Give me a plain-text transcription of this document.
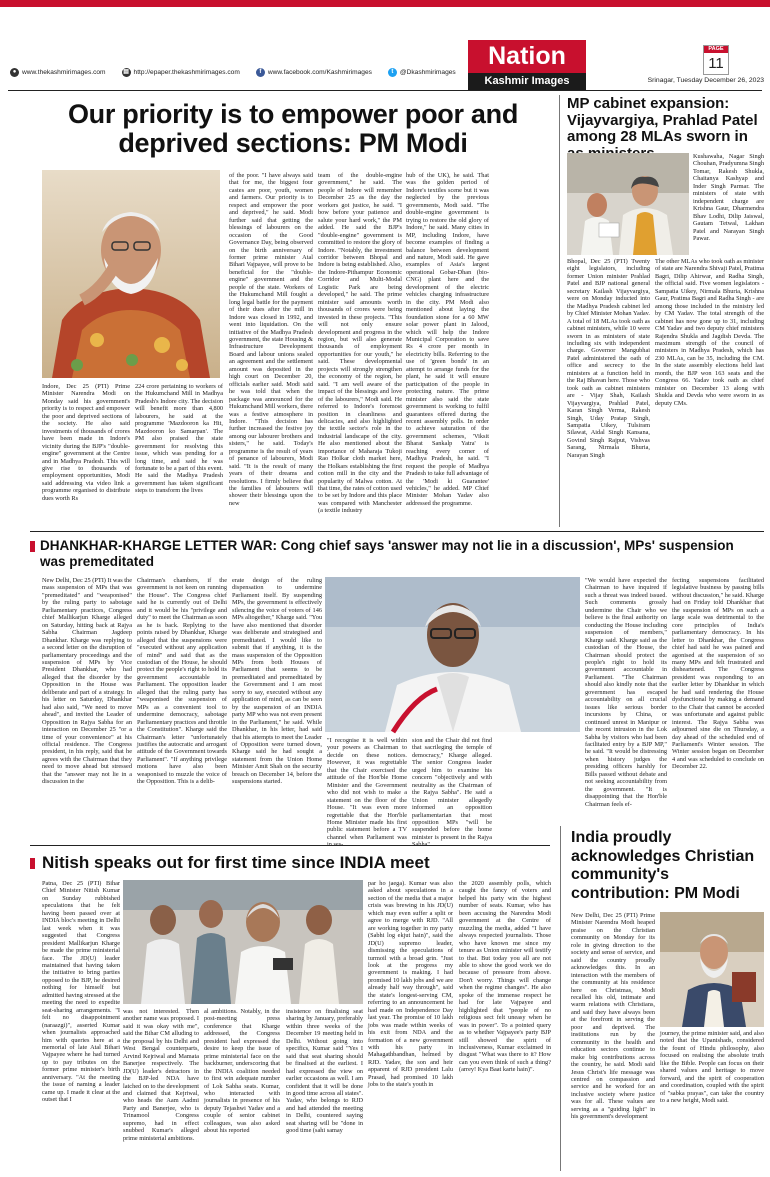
● www.thekashmirimages.com	▤ http://epaper.thekashmirimages.com	f www.facebook.com/Kashmirimages	t @Dkashmirimages
Nation
Kashmir Images
PAGE
11
Srinagar, Tuesday December 26, 2023
Our priority is to empower poor and deprived sections: PM Modi
Indore, Dec 25 (PTI) Prime Minister Narendra Modi on Monday said his government's priority is to respect and empower the poor and deprived sections of the society. He also said investments of thousands of crores have been made in Indore's vicinity during the BJP's "double-engine" government at the Centre and in Madhya Pradesh. This will give rise to thousands of employment opportunities, Modi said addressing via video link a programme organised to distribute dues worth Rs
224 crore pertaining to workers of the Hukumchand Mill in Madhya Pradesh's Indore city. The decision will benefit more than 4,800 labourers, he said at the programme 'Mazdooron ka Hit, Mazdooron ko Samarpan'. The PM also praised the state government for resolving this issue, which was pending for a long time, and said he was fortunate to be a part of this event. He said the Madhya Pradesh government has taken significant steps to transform the lives
of the poor. "I have always said that for me, the biggest four castes are poor, youth, women and farmers. Our priority is to respect and empower the poor and deprived," he said. Modi further said that getting the blessings of labourers on the occasion of the Good Governance Day, being observed on the birth anniversary of former prime minister Atal Bihari Vajpayee, will prove to be beneficial for the "double-engine" government and the people of the state. Workers of the Hukumchand Mill fought a long legal battle for the payment of their dues after the mill in Indore was closed in 1992, and went into liquidation. On the initiative of the Madhya Pradesh government, the state Housing & Infrastructure Development Board and labour unions sealed an agreement and the settlement amount was deposited in the high court on December 20, officials earlier said. Modi said he was told that when the package was announced for the Hukumchand Mill workers, there was a festive atmosphere in Indore. "This decision has further increased the festive joy among our labourer brothers and sisters," he said. Today's programme is the result of years of penance of labourers, Modi said. "It is the result of many years of their dreams and resolutions. I firmly believe that the families of labourers will shower their blessings upon the new
team of the double-engine government," he said. The people of Indore will remember December 25 as the day the workers got justice, he said. "I bow before your patience and salute your hard work," the PM added. He said the BJP's "double-engine" government is committed to restore the glory of Indore. "Notably, the investment corridor between Bhopal and Indore is being established. Also, the Indore-Pithampur Economic Corridor and Multi-Modal Logistic Park are being developed," he said. The prime minister said amounts worth thousands of crores were being invested in these projects. "This will not only ensure development and progress in the region, but will also generate thousands of employment opportunities for our youth," he said. These developmental projects will strongly strengthen the economy of the region, he said. "I am well aware of the impact of the blessings and love of the labourers," Modi said. He referred to Indore's foremost position in cleanliness and delicacies, and also highlighted the textile sector's role in the industrial landscape of the city. He also mentioned about the importance of Maharaja Tukoji Rao Holkar cloth market here, the Holkars establishing the first cotton mill in the city and the popularity of Malwa cotton. At that time, the rates of cotton used to be set by Indore and this place was compared with Manchester (a textile industry
hub of the UK), he said. That was the golden period of Indore's textiles scene but it was neglected by the previous governments, Modi said. "The double-engine government is trying to restore the old glory of Indore," he said. Many cities in MP, including Indore, have become examples of finding a balance between development and nature, Modi said. He gave examples of Asia's largest operational Gobar-Dhan (bio-CNG) plant here and the development of the electric vehicles charging infrastructure in the city. PM Modi also mentioned about laying the foundation stone for a 60 MW solar power plant in Jalood, which will help the Indore Municipal Corporation to save Rs 4 crore per month in electricity bills. Referring to the use of 'green bonds' in an attempt to arrange funds for the plant, he said it will ensure participation of the people in protecting nature. The prime minister also said the state government is working to fulfil guarantees offered during the recent assembly polls. In order to achieve saturation of the government schemes, 'Viksit Bharat Sankalp Yatra' is reaching every corner of Madhya Pradesh, he said. "I request the people of Madhya Pradesh to take full advantage of the 'Modi ki Guarantee' vehicles," he added. MP Chief Minister Mohan Yadav also addressed the programme.
MP cabinet expansion: Vijayvargiya, Prahlad Patel among 28 MLAs sworn in
Bhopal, Dec 25 (PTI) Twenty eight legislators, including former Union minister Prahlad Patel and BJP national general secretary Kailash Vijayvargiya, were on Monday inducted into the Madhya Pradesh cabinet led by Chief Minister Mohan Yadav. A total of 18 MLAs took oath as cabinet ministers, while 10 were sworn in as ministers of state including six with independent charge. Governor Mangubhai Patel administered the oath of office and secrecy to the ministers at a function held in the Raj Bhavan here. Those who took oath as cabinet ministers are - Vijay Shah, Kailash Vijayvargiya, Prahlad Patel, Karan Singh Verma, Rakesh Singh, Uday Pratap Singh, Sampatia Uikey, Tulsiram Silawat, Aidal Singh Kansana, Govind Singh Rajput, Vishvas Sarang, Nirmala Bhuria, Narayan Singh
Kushawaha, Nagar Singh Chouhan, Pradyumna Singh Tomar, Rakesh Shukla, Chaitanya Kashyap and Inder Singh Parmar. The ministers of state with independent charge are Krishna Gaur, Dharmendra Bhav Lodhi, Dilip Jaiswal, Gautam Tetwal, Lakhan Patel and Narayan Singh Pawar.
The other MLAs who took oath as minister of state are Narendra Shivaji Patel, Pratima Bagri, Dilip Ahirwar, and Radha Singh, the official said. Five women legislators - Sampatia Uikey, Nirmala Bhuria, Krishna Gaur, Pratima Bagri and Radha Singh - are among those included in the ministry led by CM Yadav. The total strength of the cabinet has now gone up to 31, including CM Yadav and two deputy chief ministers Rajendra Shukla and Jagdish Devda. The maximum strength of the council of ministers in Madhya Pradesh, which has 230 MLAs, can be 35, including the CM. In the state assembly elections held last month, the BJP won 163 seats and the Congress 66. Yadav took oath as chief minister on December 13 along with Shukla and Devda who were sworn in as deputy CMs.
DHANKHAR-KHARGE LETTER WAR: Cong chief says 'answer may not lie in a discussion', MPs' suspension was premeditated
New Delhi, Dec 25 (PTI) It was the mass suspension of MPs that was "premeditated" and "weaponised" by the ruling party to sabotage Parliamentary practices, Congress chief Mallikarjun Kharge alleged on Saturday, hitting back at Rajya Sabha Chairman Jagdeep Dhankhar. Kharge was replying to a second letter on the disruption of parliamentary proceedings and the suspension of MPs by Vice President Dhankhar, who had alleged that the disorder by the Opposition in the House was deliberate and part of a strategy. In his letter on Saturday, Dhankhar had also said, "We need to move ahead", and invited the Leader of Opposition in Rajya Sabha for an interaction on December 25 "or a time of your convenience" at his official residence. The Congress president, in his reply, said that he agrees with the Chairman that they need to move ahead but stressed that the "answer may not lie in a discussion in the
Chairman's chambers, if the government is not keen on running the House". The Congress chief said he is currently out of Delhi and it would be his "privilege and duty" to meet the Chairman as soon as he is back. Replying to the points raised by Dhankhar, Kharge alleged that the suspensions were "executed without any application of mind" and said that as the custodian of the House, he should protect the people's right to hold its government accountable in Parliament. The opposition leader alleged that the ruling party has "weaponised the suspension of MPs as a convenient tool to undermine democracy, sabotage Parliamentary practices and throttle the Constitution". Kharge said the Chairman's letter "unfortunately justifies the autocratic and arrogant attitude of the Government towards Parliament". "If anything privilege motions have also been weaponised to muzzle the voice of the Opposition. This is a delib-
erate design of the ruling dispensation to undermine Parliament itself. By suspending MPs, the government is effectively silencing the voice of voters of 146 MPs altogether," Kharge said. "You have also mentioned that disorder was deliberate and strategised and premeditated. I would like to submit that if anything, it is the mass suspension of the Opposition MPs from both Houses of Parliament that seems to be premeditated and premeditated by the Government and I am most sorry to say, executed without any application of mind, as can be seen by the suspension of an INDIA party MP who was not even present in the Parliament," he said. While Dhankhar, in his letter, had said that his attempts to meet the Leader of Opposition were turned down, Kharge said he had sought a statement from the Union Home Minister Amit Shah on the security breach on December 14, before the suspensions started.
"I recognise it is well within your powers as Chairman to decide on these notices. However, it was regrettable that the Chair exercised the attitude of the Hon'ble Home Minister and the Government who did not wish to make a statement on the floor of the House. "It was even more regrettable that the Hon'ble Home Minister made his first public statement before a TV channel when Parliament was
sion and the Chair did not find that sacrileging the temple of democracy," Kharge alleged. The senior Congress leader urged him to examine his concern "objectively and with neutrality as the Chairman of the Rajya Sabha". He said a Union minister allegedly informed an opposition parliamentarian that most opposition MPs "will be suspended before the home minister is present in the Rajya
"We would have expected the Chairman to have inquired if such a threat was indeed issued. Such comments grossly undermine the Chair who we believe is the final authority on conducting the House including suspension of members," Kharge said. Kharge said as the custodian of the House, the Chairman should protect the people's right to hold its government accountable in Parliament. "The Chairman should also kindly note that the government has escaped accountability on all crucial issues like serious border incursions by China, or continued unrest in Manipur or the recent intrusion in the Lok Sabha by visitors who had been facilitated entry by a BJP MP," he said. "It would be distressing when history judges the presiding officers harshly for Bills passed without debate and not seeking accountability from the government. "It is disappointing that the Hon'ble Chairman feels ef-
fecting suspensions facilitated legislative business by passing bills without discussion," he said. Kharge had on Friday told Dhankhar that the suspension of MPs on such a large scale was detrimental to the core principles of India's parliamentary democracy. In his letter to Dhankhar, the Congress chief had said he was pained and agonised at the suspension of so many MPs and felt frustrated and disheartened. The Congress president was responding to an earlier letter by Dhankhar in which he had said rendering the House dysfunctional by making a demand to the Chair that cannot be acceded was unfortunate and against public interest. The Rajya Sabha was adjourned sine die on Thursday, a day ahead of the scheduled end of Parliament's Winter session. The Winter session began on December 4 and was scheduled to conclude on December 22.
Nitish speaks out for first time since INDIA meet
Patna, Dec 25 (PTI) Bihar Chief Minister Nitish Kumar on Sunday rubbished speculations that he felt having been passed over at INDIA bloc's meeting in Delhi last week when it was suggested that Congress president Mallikarjun Kharge be made the prime ministerial face. The JD(U) leader maintained that having taken the initiative to bring parties opposed to the BJP, he desired nothing for himself but admitted having stressed at the meeting the need to expedite seat-sharing arrangements. "I felt no disappointment (naraazgi)", asserted Kumar when journalists approached him with queries here at a memorial of late Atal Bihari Vajpayee where he had turned up to pay tributes on the former prime minister's birth anniversary. "At the meeting the issue of naming a leader came up. I made it clear at the outset that I
was not interested. Then another name was proposed. I said it was okay with me", said the Bihar CM alluding to the proposal by his Delhi and West Bengal counterparts, Arvind Kejriwal and Mamata Banerjee respectively. The JD(U) leader's detractors in the BJP-led NDA have latched on to the development and claimed that Kejriwal, who heads the Aam Aadmi Party and Banerjee, who is Trinamool Congress supremo, had in effect snubbed Kumar's alleged prime ministerial ambitions.
al ambitions. Notably, in the post-meeting press conference that Kharge addressed, the Congress president had expressed the desire to keep the issue of prime ministerial face on the backburner, underscoring that the INDIA coalition needed to first win adequate number of Lok Sabha seats. Kumar, who interacted with journalists in presence of his deputy Tejashwi Yadav and a couple of senior cabinet colleagues, was also asked about his reported
insistence on finalising seat sharing by January, preferably within three weeks of the December 19 meeting held in Delhi. Without going into specifics, Kumar said "Yes I said that seat sharing should be finalised at the earliest. I had expressed the view on earlier occasions as well. I am confident that it will be done in good time across all states". Yadav, who belongs to RJD and had attended the meeting in Delhi, countered saying seat sharing will be "done in good time (sahi samay
par ho jaega). Kumar was also asked about speculations in a section of the media that a major crisis was brewing in his JD(U) which may even suffer a split or agree to merge with RJD. "All are working together in my party (Sabhi log ekjut hain)", said the JD(U) supremo leader, dismissing the speculations of turmoil with a broad grin. "Just look at the progress my government is making. I had promised 10 lakh jobs and we are already half way through", said the state's longest-serving CM, referring to an announcement he had made on Independence Day last year. The promise of 10 lakh jobs was made within weeks of his exit from NDA and the formation of a new government with his party in Mahagathbandhan, helmed by RJD. Yadav, the son and heir apparent of RJD president Lalu Prasad, had promised 10 lakh jobs to the state's youth in
the 2020 assembly polls, which caught the fancy of voters and helped his party win the highest number of seats. Kumar, who has been accusing the Narendra Modi government at the Centre of muzzling the media, added "I have always respected journalists. Those who have known me since my tenure as Union minister will testify to that. But today you all are not able to show the good work we do because of pressure from above. Don't worry. Things will change when the regime changes". He also spoke of the immense respect he had for late Vajpayee and highlighted that "people of no religious sect felt uneasy when he was in power". To a pointed query as to whether Vajpayee's party BJP still showed the spirit of inclusiveness, Kumar exclaimed in disgust "What was there to it? How can you even think of such a thing? (arrey! Kya Baat karte hain)".
India proudly acknowledges Christian community's contribution: PM Modi
New Delhi, Dec 25 (PTI) Prime Minister Narendra Modi heaped praise on the Christian community on Monday for its role in giving direction to the society and sense of service, and said the country proudly acknowledges this. In an interaction with the members of the community at his residence here on Christmas, Modi recalled his old, intimate and warm relations with Christians, and said they have always been at the forefront in serving the poor and deprived. The institutions run by the community in the health and education sectors continue to make big contributions across the country, he said. Modi said Jesus Christ's life message was centred on compassion and service and he worked for an inclusive society where justice was for all. These values are serving as a "guiding light" in his government's development
journey, the prime minister said, and also noted that the Upanishads, considered the fount of Hindu philosophy, also focused on realising the absolute truth like the Bible. People can focus on their shared values and heritage to move forward, and the spirit of cooperation and coordination, coupled with the spirit of "sabka prayas", can take the country to a new height, Modi said.
